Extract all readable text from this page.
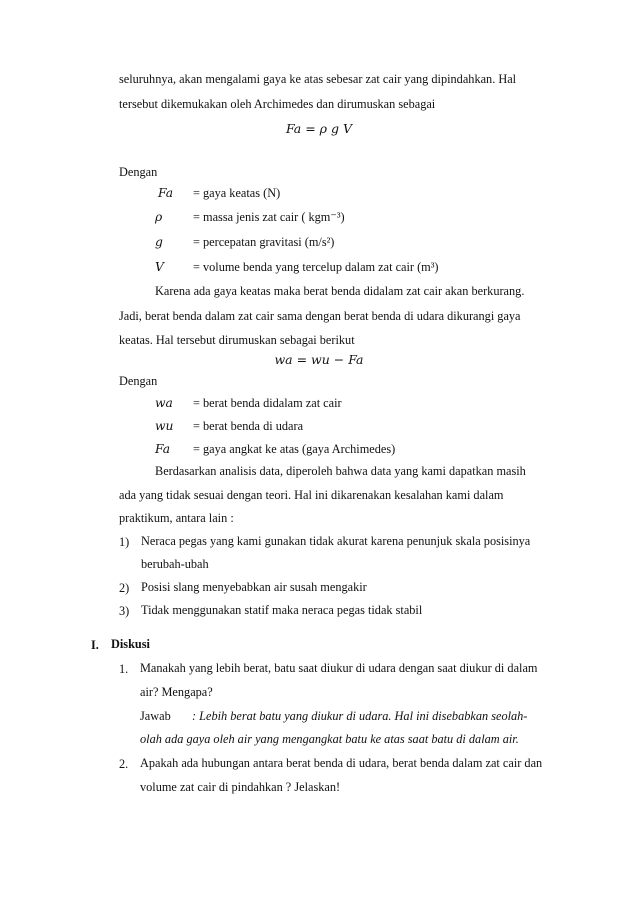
seluruhnya, akan mengalami gaya ke atas sebesar zat cair yang dipindahkan. Hal
tersebut dikemukakan oleh Archimedes dan dirumuskan sebagai
Fa = ρ g V
Dengan
Fa = gaya keatas (N)
ρ	= massa jenis zat cair ( kgm⁻³)
g = percepatan gravitasi (m/s²)
V = volume benda yang tercelup dalam zat cair (m³)
Karena ada gaya keatas maka berat benda didalam zat cair akan berkurang.
Jadi, berat benda dalam zat cair sama dengan berat benda di udara dikurangi gaya
keatas. Hal tersebut dirumuskan sebagai berikut
wa = wu − Fa
Dengan
wa = berat benda didalam zat cair
wu = berat benda di udara
Fa = gaya angkat ke atas (gaya Archimedes)
Berdasarkan analisis data, diperoleh bahwa data yang kami dapatkan masih
ada yang tidak sesuai dengan teori. Hal ini dikarenakan kesalahan kami dalam
praktikum, antara lain :
1) Neraca pegas yang kami gunakan tidak akurat karena penunjuk skala posisinya
berubah-ubah
2) Posisi slang menyebabkan air susah mengakir
3) Tidak menggunakan statif maka neraca pegas tidak stabil
I. Diskusi
1. Manakah yang lebih berat, batu saat diukur di udara dengan saat diukur di dalam
air? Mengapa?
Jawab : Lebih berat batu yang diukur di udara. Hal ini disebabkan seolah-
olah ada gaya oleh air yang mengangkat batu ke atas saat batu di dalam air.
2. Apakah ada hubungan antara berat benda di udara, berat benda dalam zat cair dan
volume zat cair di pindahkan ? Jelaskan!
